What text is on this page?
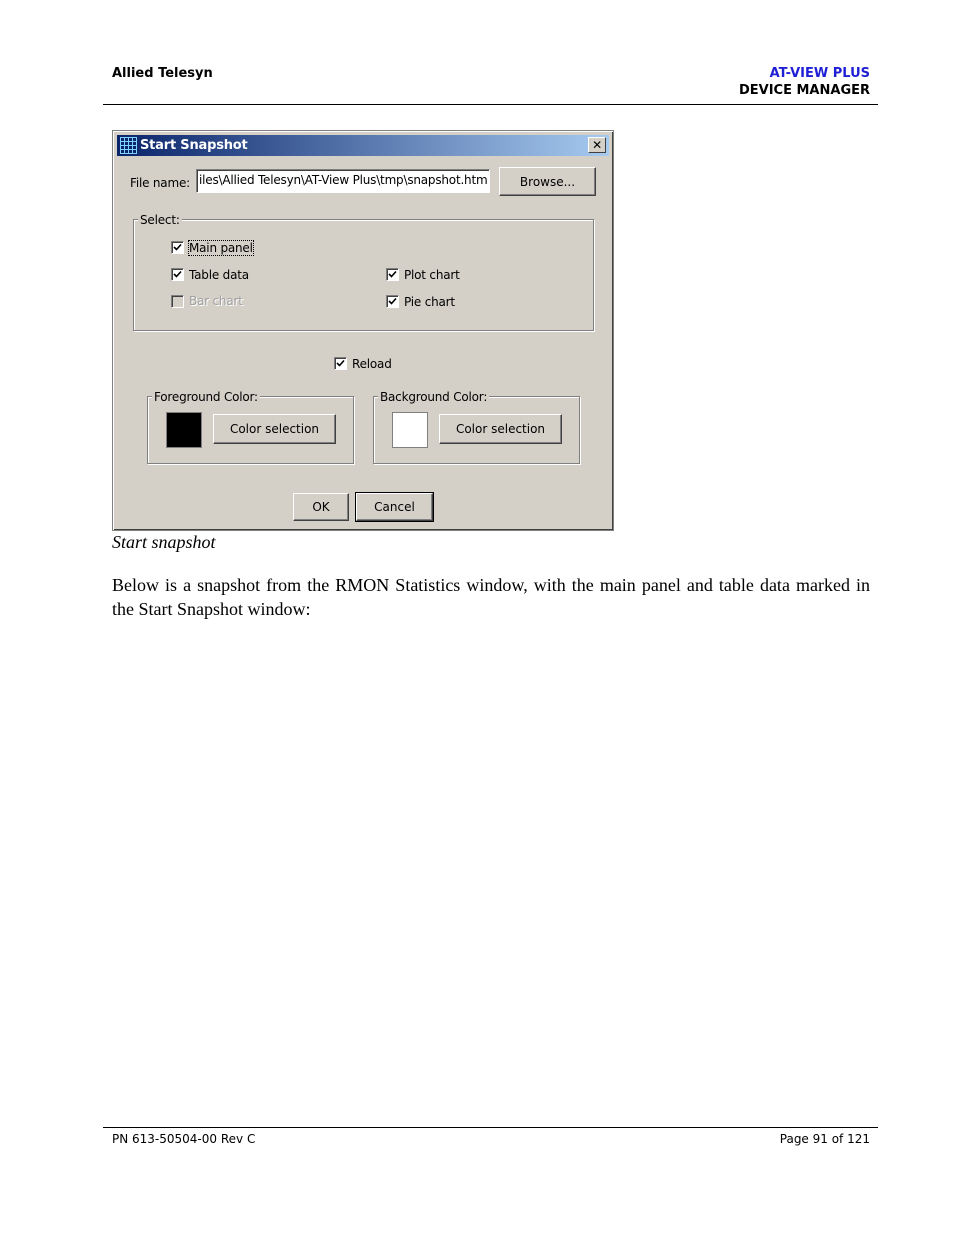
Allied Telesyn	AT-VIEW PLUS
DEVICE MANAGER
Start Snapshot	✕
File name: iles\Allied Telesyn\AT-View Plus\tmp\snapshot.htm	Browse...
Select:
Main panel
Table data
Bar chart
Plot chart
Pie chart
Reload
Foreground Color:
Color selection
Background Color:
Color selection
OK	Cancel
Start snapshot
Below is a snapshot from the RMON Statistics window, with the main panel and table data marked in the Start Snapshot window:
PN 613-50504-00 Rev C	Page 91 of 121
